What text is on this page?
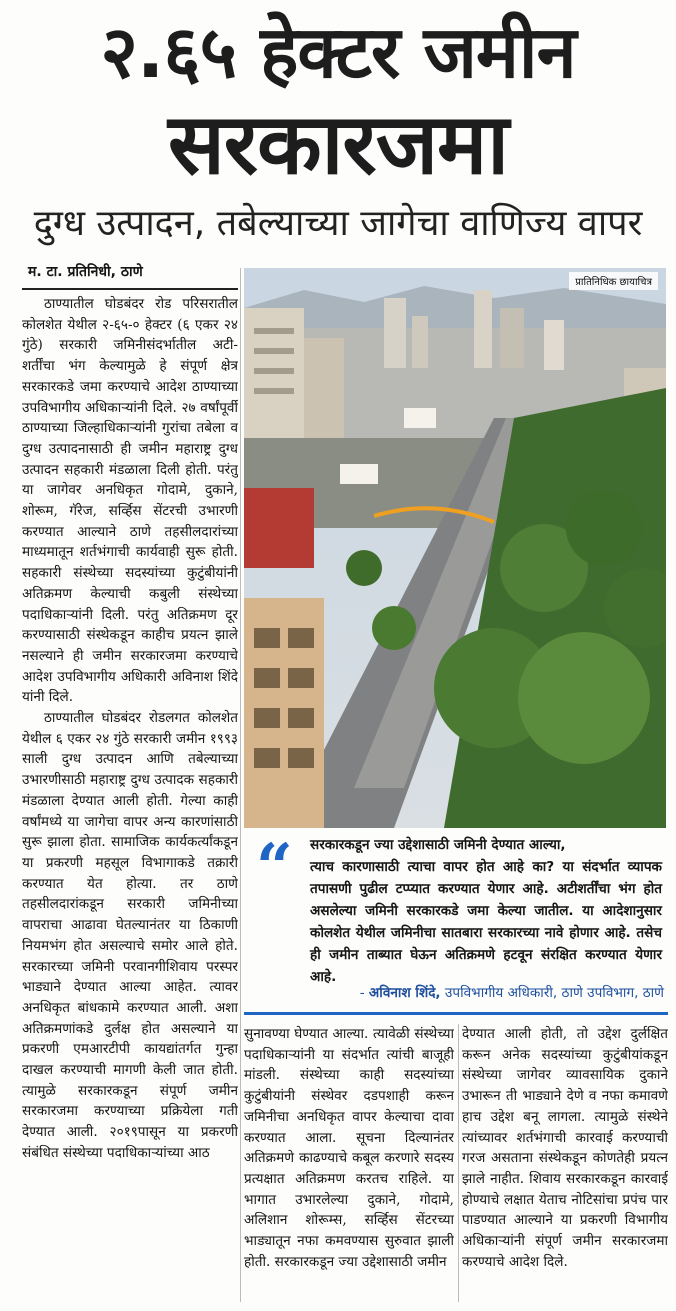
२.६५ हेक्टर जमीन
सरकारजमा
दुग्ध उत्पादन, तबेल्याच्या जागेचा वाणिज्य वापर
म. टा. प्रतिनिधी, ठाणे

ठाण्यातील घोडबंदर रोड परिसरातील कोलशेत येथील २-६५-० हेक्टर (६ एकर २४ गुंठे) सरकारी जमिनीसंदर्भातील अटी- शर्तींचा भंग केल्यामुळे हे संपूर्ण क्षेत्र सरकारकडे जमा करण्याचे आदेश ठाण्याच्या उपविभागीय अधिकाऱ्यांनी दिले. २७ वर्षांपूर्वी ठाण्याच्या जिल्हाधिकाऱ्यांनी गुरांचा तबेला व दुग्ध उत्पादनासाठी ही जमीन महाराष्ट्र दुग्ध उत्पादन सहकारी मंडळाला दिली होती. परंतु या जागेवर अनधिकृत गोदामे, दुकाने, शोरूम, गॅरेज, सर्व्हिस सेंटरची उभारणी करण्यात आल्याने ठाणे तहसीलदारांच्या माध्यमातून शर्तभंगाची कार्यवाही सुरू होती. सहकारी संस्थेच्या सदस्यांच्या कुटुंबीयांनी अतिक्रमण केल्याची कबुली संस्थेच्या पदाधिकाऱ्यांनी दिली. परंतु अतिक्रमण दूर करण्यासाठी संस्थेकडून काहीच प्रयत्न झाले नसल्याने ही जमीन सरकारजमा करण्याचे आदेश उपविभागीय अधिकारी अविनाश शिंदे यांनी दिले.

ठाण्यातील घोडबंदर रोडलगत कोलशेत येथील ६ एकर २४ गुंठे सरकारी जमीन १९९३ साली दुग्ध उत्पादन आणि तबेल्याच्या उभारणीसाठी महाराष्ट्र दुग्ध उत्पादक सहकारी मंडळाला देण्यात आली होती. गेल्या काही वर्षांमध्ये या जागेचा वापर अन्य कारणांसाठी सुरू झाला होता. सामाजिक कार्यकर्त्यांकडून या प्रकरणी महसूल विभागाकडे तक्रारी करण्यात येत होत्या. तर ठाणे तहसीलदारांकडून सरकारी जमिनीच्या वापराचा आढावा घेतल्यानंतर या ठिकाणी नियमभंग होत असल्याचे समोर आले होते. सरकारच्या जमिनी परवानगीशिवाय परस्पर भाड्याने देण्यात आल्या आहेत. त्यावर अनधिकृत बांधकामे करण्यात आली. अशा अतिक्रमणांकडे दुर्लक्ष होत असल्याने या प्रकरणी एमआरटीपी कायद्यांतर्गत गुन्हा दाखल करण्याची मागणी केली जात होती. त्यामुळे सरकारकडून संपूर्ण जमीन सरकारजमा करण्याच्या प्रक्रियेला गती देण्यात आली. २०१९पासून या प्रकरणी संबंधित संस्थेच्या पदाधिकाऱ्यांच्या आठ

प्रातिनिधिक छायाचित्र
“ सरकारकडून ज्या उद्देशासाठी जमिनी देण्यात आल्या,
त्याच कारणासाठी त्याचा वापर होत आहे का? या संदर्भात व्यापक तपासणी पुढील टप्प्यात करण्यात येणार आहे. अटीशर्तींचा भंग होत असलेल्या जमिनी सरकारकडे जमा केल्या जातील. या आदेशानुसार कोलशेत येथील जमिनीचा सातबारा सरकारच्या नावे होणार आहे. तसेच ही जमीन ताब्यात घेऊन अतिक्रमणे हटवून संरक्षित करण्यात येणार आहे.
- अविनाश शिंदे, उपविभागीय अधिकारी, ठाणे उपविभाग, ठाणे

सुनावण्या घेण्यात आल्या. त्यावेळी संस्थेच्या पदाधिकाऱ्यांनी या संदर्भात त्यांची बाजूही मांडली. संस्थेच्या काही सदस्यांच्या कुटुंबीयांनी संस्थेवर दडपशाही करून जमिनीचा अनधिकृत वापर केल्याचा दावा करण्यात आला. सूचना दिल्यानंतर अतिक्रमणे काढण्याचे कबूल करणारे सदस्य प्रत्यक्षात अतिक्रमण करतच राहिले. या भागात उभारलेल्या दुकाने, गोदामे, अलिशान शोरूम्स, सर्व्हिस सेंटरच्या भाड्यातून नफा कमवण्यास सुरुवात झाली होती. सरकारकडून ज्या उद्देशासाठी जमीन

देण्यात आली होती, तो उद्देश दुर्लक्षित करून अनेक सदस्यांच्या कुटुंबीयांकडून संस्थेच्या जागेवर व्यावसायिक दुकाने उभारून ती भाड्याने देणे व नफा कमावणे हाच उद्देश बनू लागला. त्यामुळे संस्थेने त्यांच्यावर शर्तभंगाची कारवाई करण्याची गरज असताना संस्थेकडून कोणतेही प्रयत्न झाले नाहीत. शिवाय सरकारकडून कारवाई होण्याचे लक्षात येताच नोटिसांचा प्रपंच पार पाडण्यात आल्याने या प्रकरणी विभागीय अधिकाऱ्यांनी संपूर्ण जमीन सरकारजमा करण्याचे आदेश दिले.
